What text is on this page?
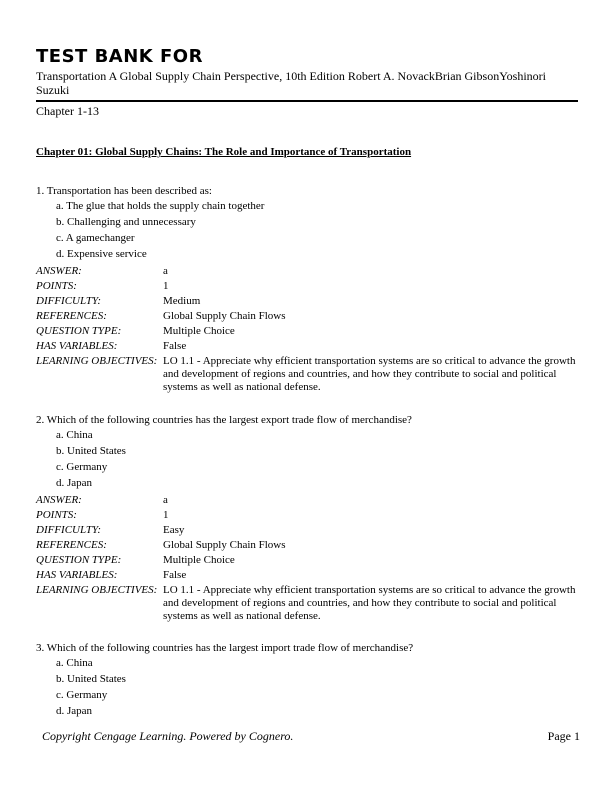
TEST BANK FOR
Transportation A Global Supply Chain Perspective, 10th Edition Robert A. NovackBrian GibsonYoshinori Suzuki
Chapter 1-13
Chapter 01: Global Supply Chains: The Role and Importance of Transportation
1. Transportation has been described as:
a. The glue that holds the supply chain together
b. Challenging and unnecessary
c. A gamechanger
d. Expensive service
ANSWER:	a
POINTS:	1
DIFFICULTY:	Medium
REFERENCES:	Global Supply Chain Flows
QUESTION TYPE:	Multiple Choice
HAS VARIABLES:	False
LEARNING OBJECTIVES: LO 1.1 - Appreciate why efficient transportation systems are so critical to advance the growth and development of regions and countries, and how they contribute to social and political systems as well as national defense.
2. Which of the following countries has the largest export trade flow of merchandise?
a. China
b. United States
c. Germany
d. Japan
ANSWER:	a
POINTS:	1
DIFFICULTY:	Easy
REFERENCES:	Global Supply Chain Flows
QUESTION TYPE:	Multiple Choice
HAS VARIABLES:	False
LEARNING OBJECTIVES: LO 1.1 - Appreciate why efficient transportation systems are so critical to advance the growth and development of regions and countries, and how they contribute to social and political systems as well as national defense.
3. Which of the following countries has the largest import trade flow of merchandise?
a. China
b. United States
c. Germany
d. Japan
Copyright Cengage Learning. Powered by Cognero.	Page 1
